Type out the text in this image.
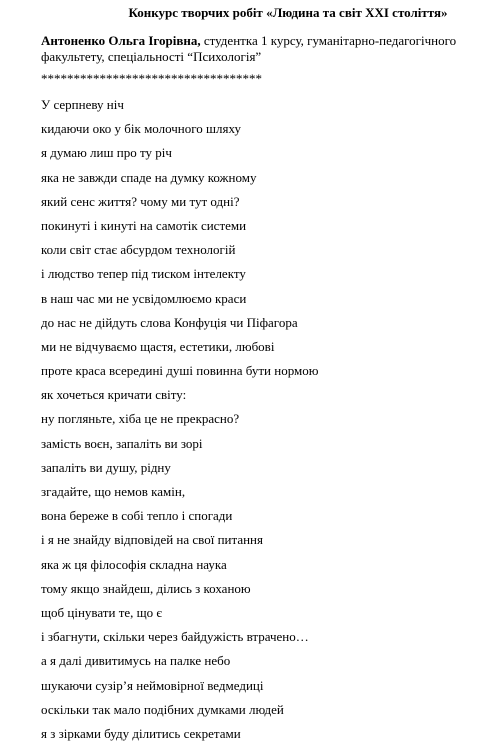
Конкурс творчих робіт «Людина та світ ХХІ століття»

Антоненко Ольга Ігорівна, студентка 1 курсу, гуманітарно-педагогічного факультету, спеціальності “Психологія”

**********************************

У серпневу ніч
кидаючи око у бік молочного шляху
я думаю лиш про ту річ
яка не завжди спаде на думку кожному
який сенс життя? чому ми тут одні?
покинуті і кинуті на самотік системи
коли світ стає абсурдом технологій
і людство тепер під тиском інтелекту
в наш час ми не усвідомлюємо краси
до нас не дійдуть слова Конфуція чи Піфагора
ми не відчуваємо щастя, естетики, любові
проте краса всередині душі повинна бути нормою
як хочеться кричати світу:
ну погляньте, хіба це не прекрасно?
замість воєн, запаліть ви зорі
запаліть ви душу, рідну
згадайте, що немов камін,
вона береже в собі тепло і спогади
і я не знайду відповідей на свої питання
яка ж ця філософія складна наука
тому якщо знайдеш, ділись з коханою
щоб цінувати те, що є
і збагнути, скільки через байдужість втрачено…
а я далі дивитимусь на палке небо
шукаючи сузір’я неймовірної ведмедиці
оскільки так мало подібних думками людей
я з зірками буду ділитись секретами
